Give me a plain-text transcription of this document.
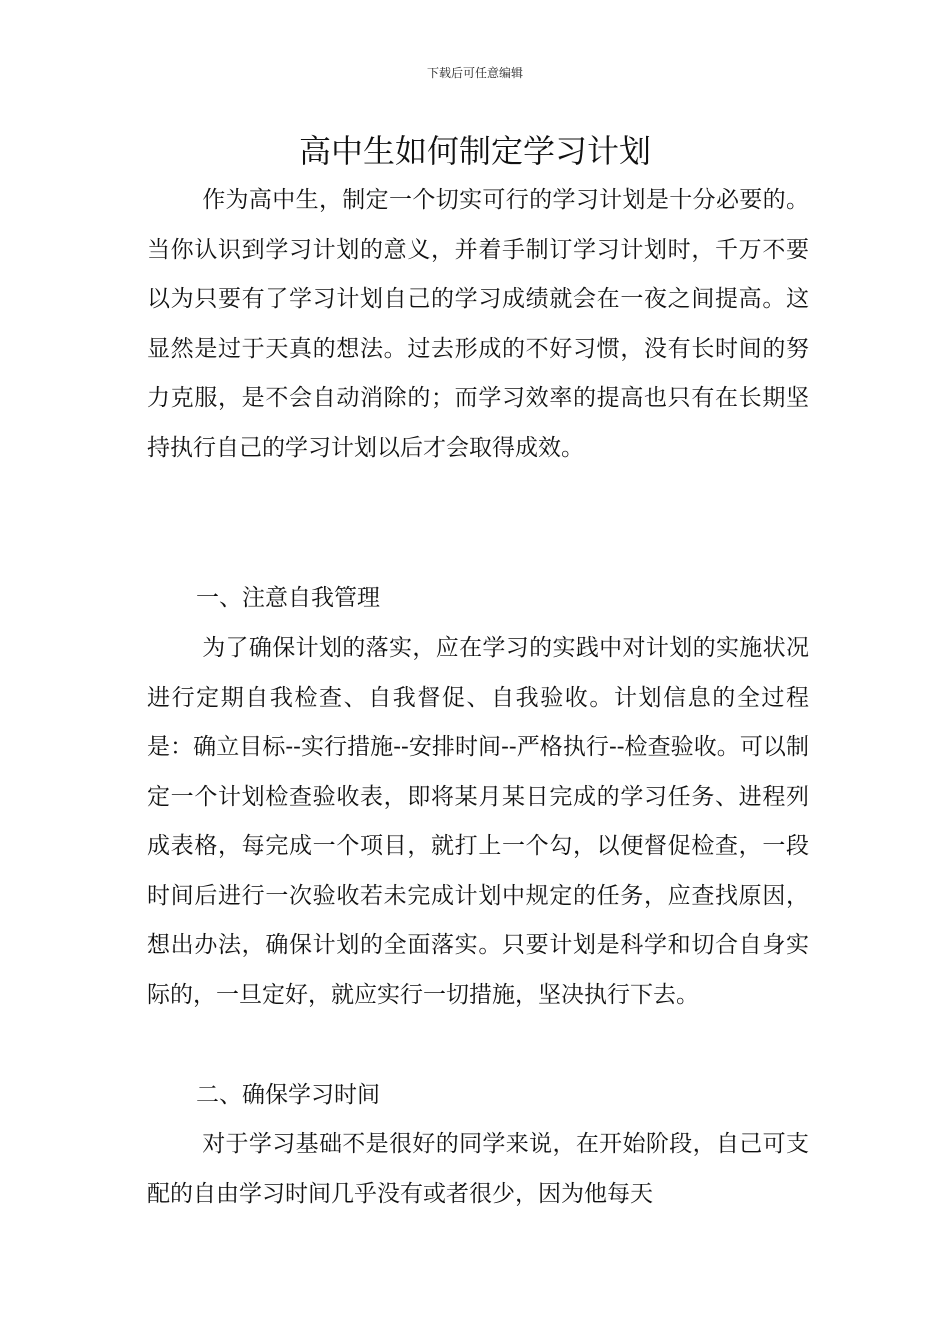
下载后可任意编辑
高中生如何制定学习计划

作为高中生，制定一个切实可行的学习计划是十分必要的。当你认识到学习计划的意义，并着手制订学习计划时，千万不要以为只要有了学习计划自己的学习成绩就会在一夜之间提高。这显然是过于天真的想法。过去形成的不好习惯，没有长时间的努力克服，是不会自动消除的；而学习效率的提高也只有在长期坚持执行自己的学习计划以后才会取得成效。

一、注意自我管理

为了确保计划的落实，应在学习的实践中对计划的实施状况进行定期自我检查、自我督促、自我验收。计划信息的全过程是：确立目标--实行措施--安排时间--严格执行--检查验收。可以制定一个计划检查验收表，即将某月某日完成的学习任务、进程列成表格，每完成一个项目，就打上一个勾，以便督促检查，一段时间后进行一次验收若未完成计划中规定的任务，应查找原因，想出办法，确保计划的全面落实。只要计划是科学和切合自身实际的，一旦定好，就应实行一切措施，坚决执行下去。

二、确保学习时间

对于学习基础不是很好的同学来说，在开始阶段，自己可支配的自由学习时间几乎没有或者很少，因为他每天
